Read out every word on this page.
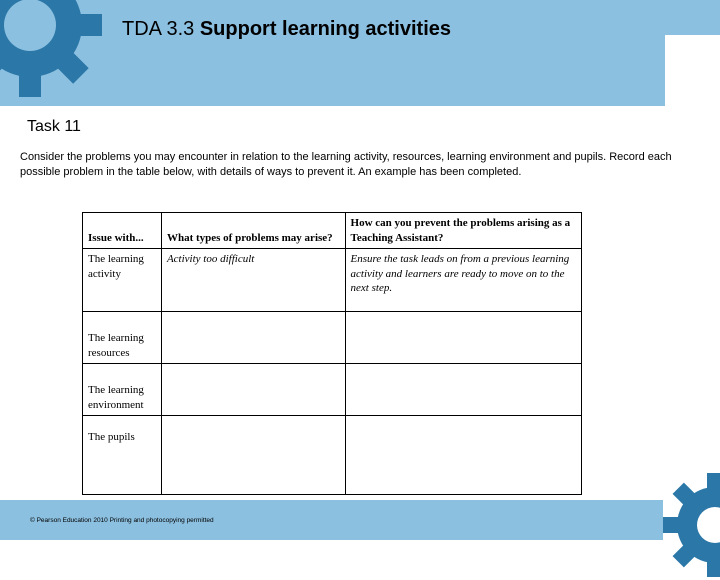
TDA 3.3 Support learning activities
Task 11
Consider the problems you may encounter in relation to the learning activity, resources, learning environment and pupils. Record each possible problem in the table below, with details of ways to prevent it. An example has been completed.
Issue with...	What types of problems may arise?	How can you prevent the problems arising as a Teaching Assistant?
The learning activity	Activity too difficult	Ensure the task leads on from a previous learning activity and learners are ready to move on to the next step.
The learning resources		
The learning environment		
The pupils		
© Pearson Education 2010 Printing and photocopying permitted
